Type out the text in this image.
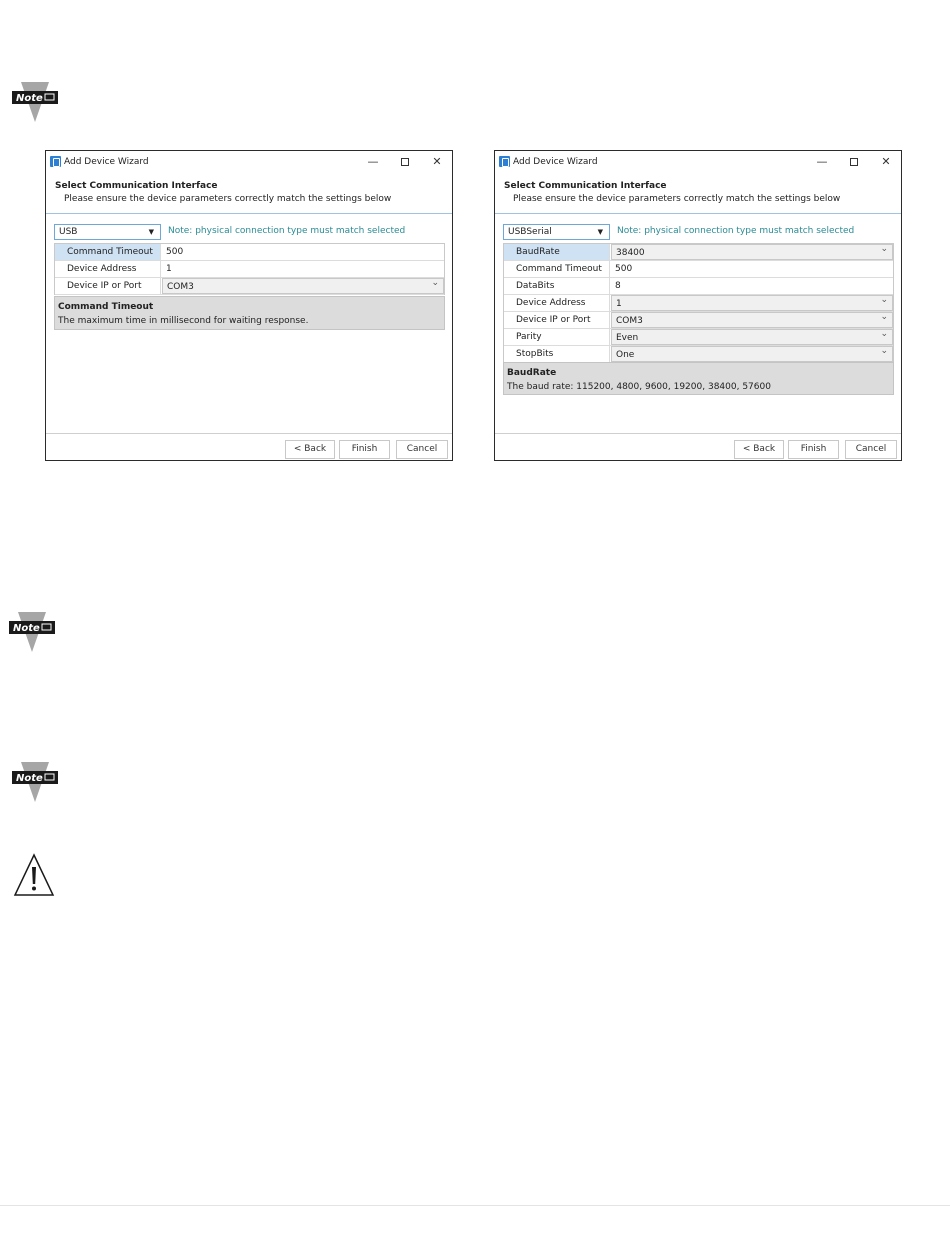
Note
Add Device Wizard	—	✕
Select Communication Interface
Please ensure the device parameters correctly match the settings below
USB	▼ Note: physical connection type must match selected
Command Timeout	500
Device Address	1
Device IP or Port	COM3 ⌄
Command Timeout
The maximum time in millisecond for waiting response.
< Back	Finish	Cancel
Add Device Wizard	—	✕
Select Communication Interface
Please ensure the device parameters correctly match the settings below
USBSerial	▼ Note: physical connection type must match selected
BaudRate	38400 ⌄
Command Timeout	500
DataBits	8
Device Address	1 ⌄
Device IP or Port	COM3 ⌄
Parity	Even ⌄
StopBits	One ⌄
BaudRate
The baud rate: 115200, 4800, 9600, 19200, 38400, 57600
< Back	Finish	Cancel
Note
Note
